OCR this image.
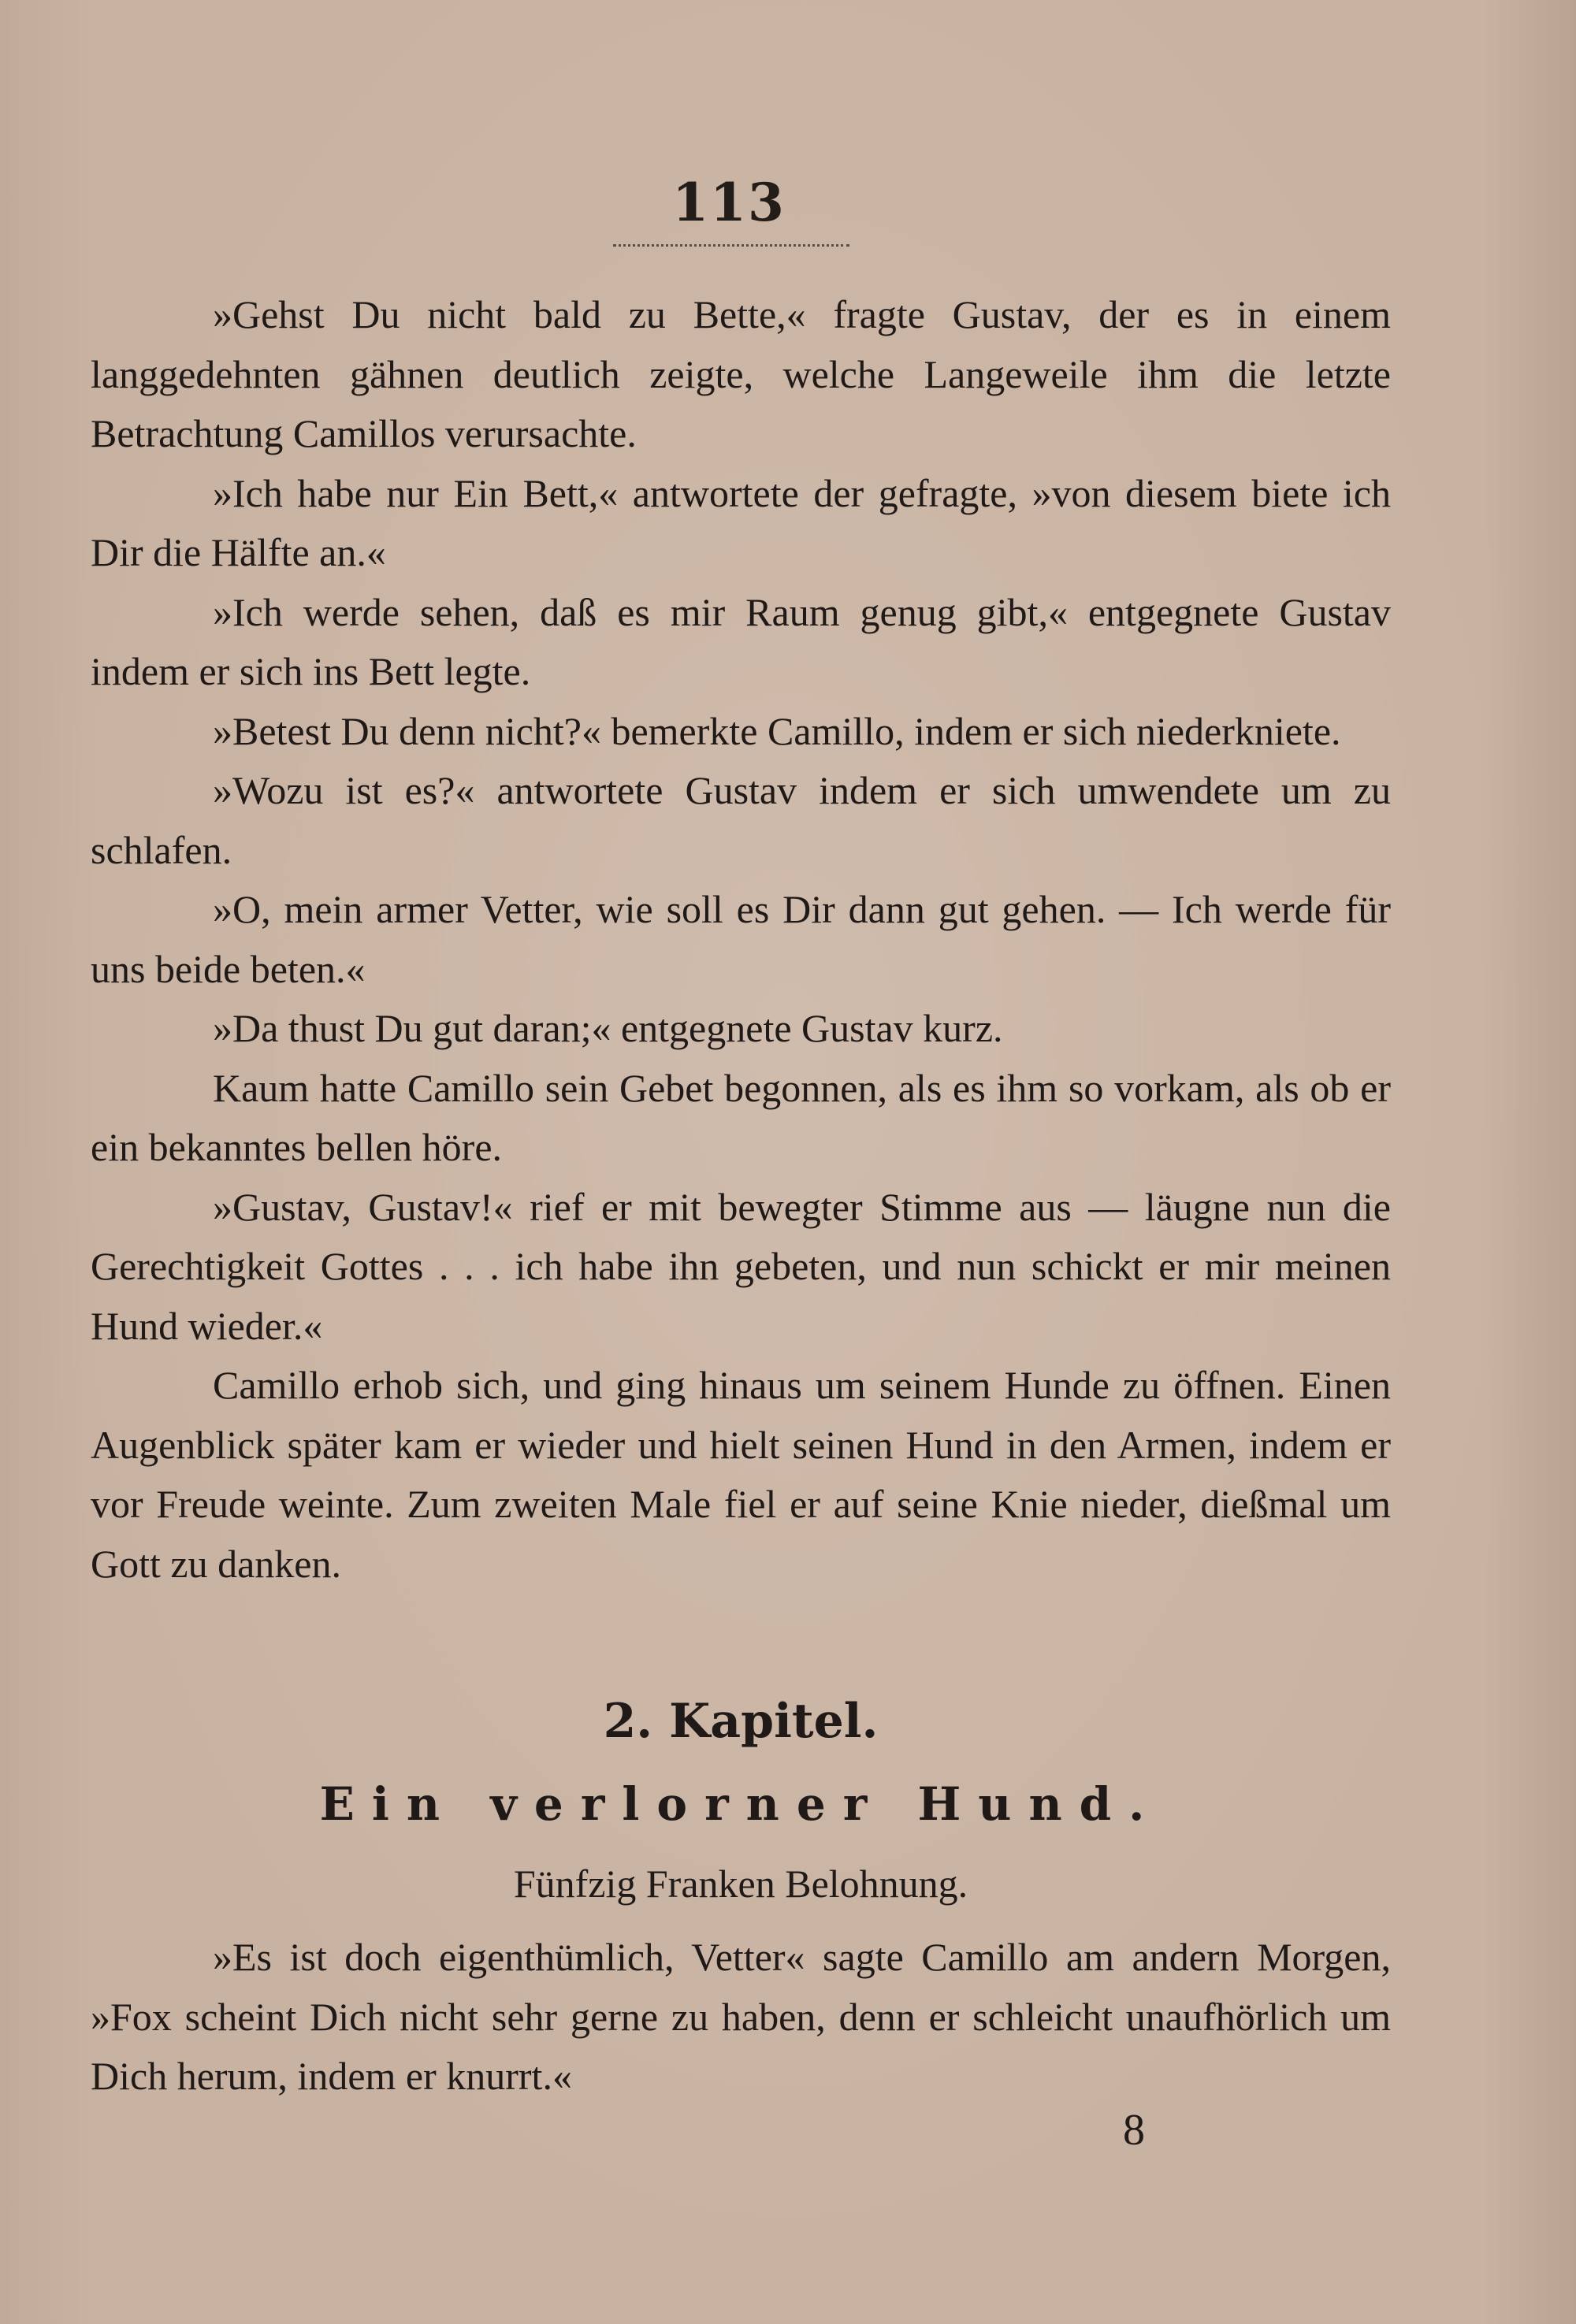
113

»Gehst Du nicht bald zu Bette,« fragte Gustav, der es in einem langgedehnten gähnen deutlich zeigte, welche Langeweile ihm die letzte Betrachtung Camillos verursachte.

»Ich habe nur Ein Bett,« antwortete der gefragte, »von diesem biete ich Dir die Hälfte an.«

»Ich werde sehen, daß es mir Raum genug gibt,« entgegnete Gustav indem er sich ins Bett legte.

»Betest Du denn nicht?« bemerkte Camillo, indem er sich niederkniete.

»Wozu ist es?« antwortete Gustav indem er sich umwendete um zu schlafen.

»O, mein armer Vetter, wie soll es Dir dann gut gehen. — Ich werde für uns beide beten.«

»Da thust Du gut daran;« entgegnete Gustav kurz.

Kaum hatte Camillo sein Gebet begonnen, als es ihm so vorkam, als ob er ein bekanntes bellen höre.

»Gustav, Gustav!« rief er mit bewegter Stimme aus — läugne nun die Gerechtigkeit Gottes . . . ich habe ihn gebeten, und nun schickt er mir meinen Hund wieder.«

Camillo erhob sich, und ging hinaus um seinem Hunde zu öffnen. Einen Augenblick später kam er wieder und hielt seinen Hund in den Armen, indem er vor Freude weinte. Zum zweiten Male fiel er auf seine Knie nieder, dießmal um Gott zu danken.

2. Kapitel.
Ein verlorner Hund.
Fünfzig Franken Belohnung.

»Es ist doch eigenthümlich, Vetter« sagte Camillo am andern Morgen, »Fox scheint Dich nicht sehr gerne zu haben, denn er schleicht unaufhörlich um Dich herum, indem er knurrt.«

8
